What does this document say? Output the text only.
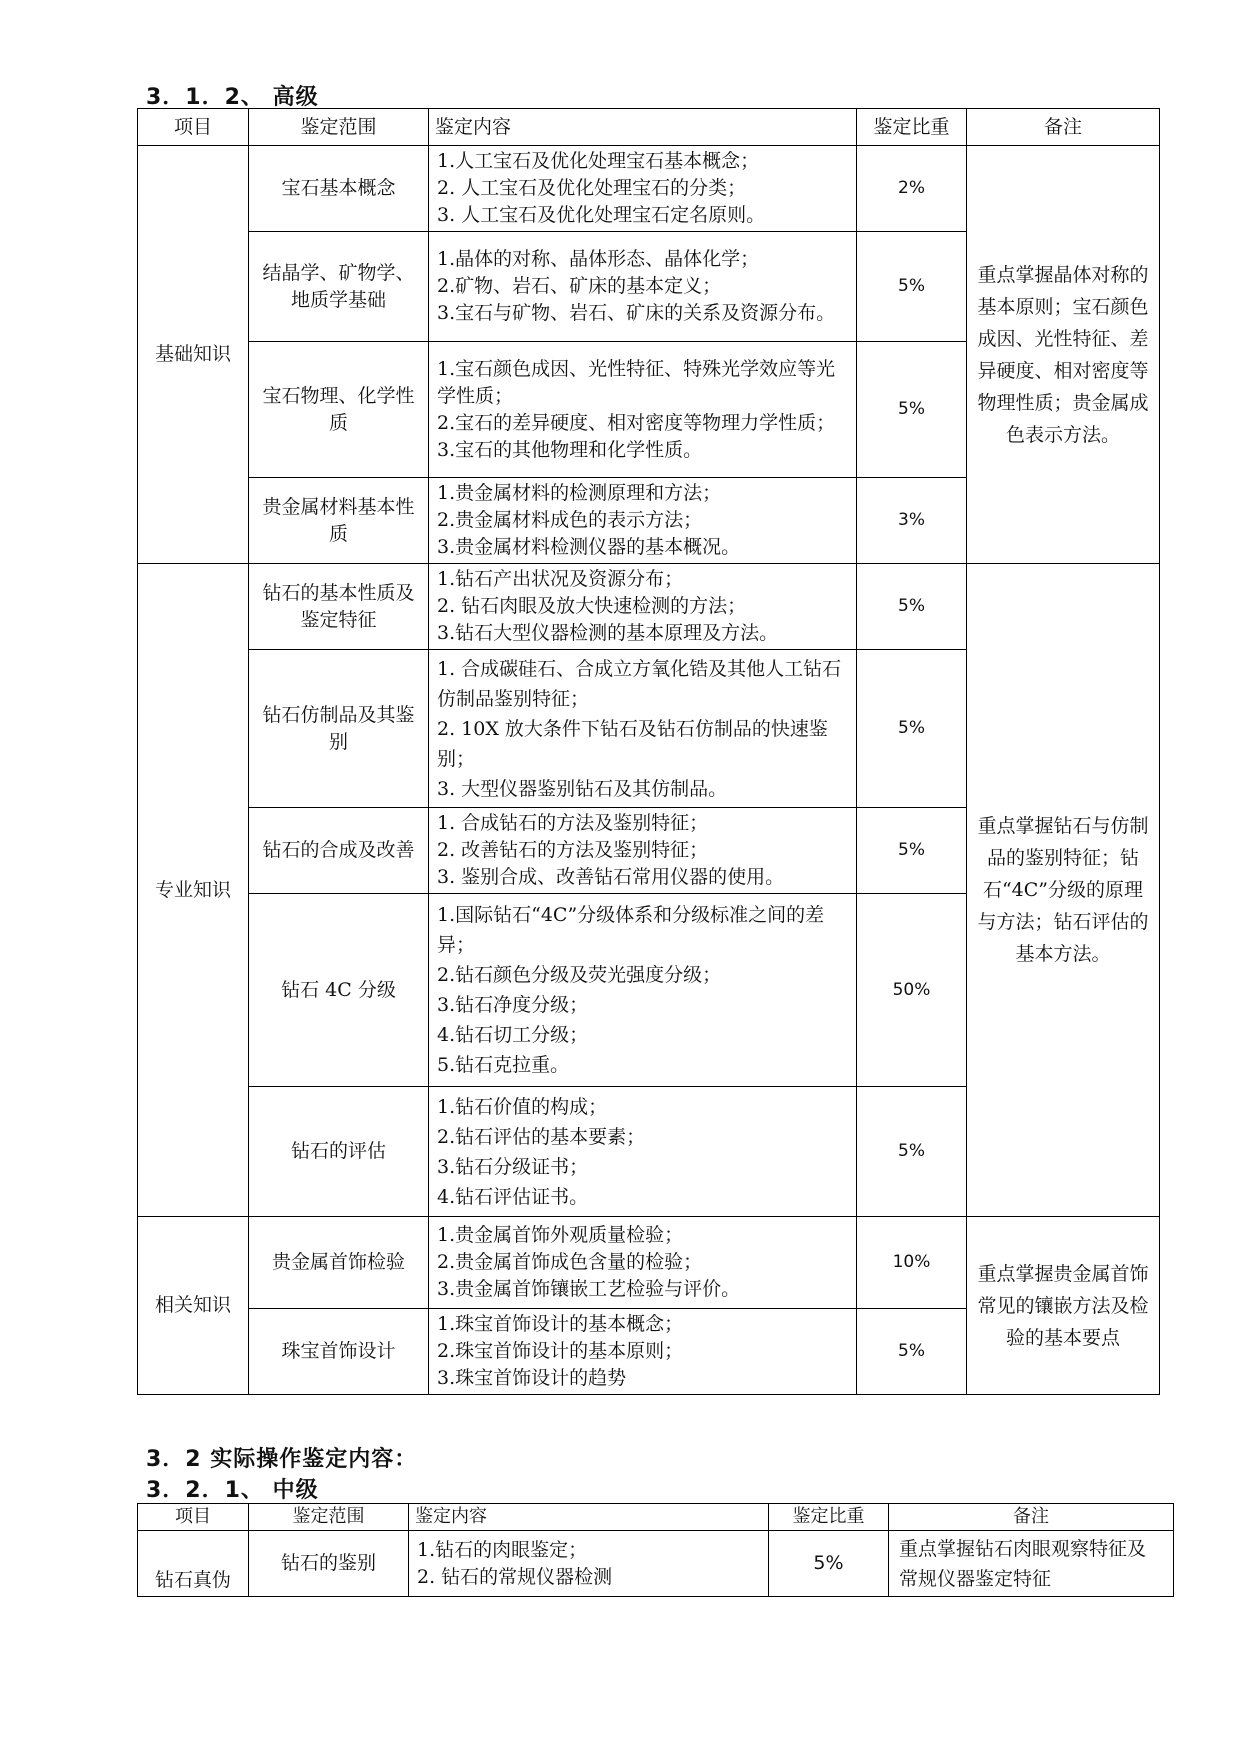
3．1．2、 高级
项目	鉴定范围	鉴定内容	鉴定比重	备注
基础知识	宝石基本概念	1.人工宝石及优化处理宝石基本概念；
2. 人工宝石及优化处理宝石的分类；
3. 人工宝石及优化处理宝石定名原则。	2%	重点掌握晶体对称的基本原则；宝石颜色成因、光性特征、差异硬度、相对密度等物理性质；贵金属成色表示方法。
	结晶学、矿物学、地质学基础	1.晶体的对称、晶体形态、晶体化学；
2.矿物、岩石、矿床的基本定义；
3.宝石与矿物、岩石、矿床的关系及资源分布。	5%	
	宝石物理、化学性质	1.宝石颜色成因、光性特征、特殊光学效应等光学性质；
2.宝石的差异硬度、相对密度等物理力学性质；
3.宝石的其他物理和化学性质。	5%	
	贵金属材料基本性质	1.贵金属材料的检测原理和方法；
2.贵金属材料成色的表示方法；
3.贵金属材料检测仪器的基本概况。	3%	
专业知识	钻石的基本性质及鉴定特征	1.钻石产出状况及资源分布；
2. 钻石肉眼及放大快速检测的方法；
3.钻石大型仪器检测的基本原理及方法。	5%	重点掌握钻石与仿制品的鉴别特征；钻石“4C”分级的原理与方法；钻石评估的基本方法。
	钻石仿制品及其鉴别	1. 合成碳硅石、合成立方氧化锆及其他人工钻石仿制品鉴别特征；
2. 10X 放大条件下钻石及钻石仿制品的快速鉴别；
3. 大型仪器鉴别钻石及其仿制品。	5%	
	钻石的合成及改善	1. 合成钻石的方法及鉴别特征；
2. 改善钻石的方法及鉴别特征；
3. 鉴别合成、改善钻石常用仪器的使用。	5%	
	钻石 4C 分级	1.国际钻石“4C”分级体系和分级标准之间的差异；
2.钻石颜色分级及荧光强度分级；
3.钻石净度分级；
4.钻石切工分级；
5.钻石克拉重。	50%	
	钻石的评估	1.钻石价值的构成；
2.钻石评估的基本要素；
3.钻石分级证书；
4.钻石评估证书。	5%	
相关知识	贵金属首饰检验	1.贵金属首饰外观质量检验；
2.贵金属首饰成色含量的检验；
3.贵金属首饰镶嵌工艺检验与评价。	10%	重点掌握贵金属首饰常见的镶嵌方法及检验的基本要点
	珠宝首饰设计	1.珠宝首饰设计的基本概念；
2.珠宝首饰设计的基本原则；
3.珠宝首饰设计的趋势	5%	
3．2 实际操作鉴定内容：
3．2．1、 中级
项目	鉴定范围	鉴定内容	鉴定比重	备注
钻石真伪	钻石的鉴别	1.钻石的肉眼鉴定；
2. 钻石的常规仪器检测	5%	重点掌握钻石肉眼观察特征及常规仪器鉴定特征
